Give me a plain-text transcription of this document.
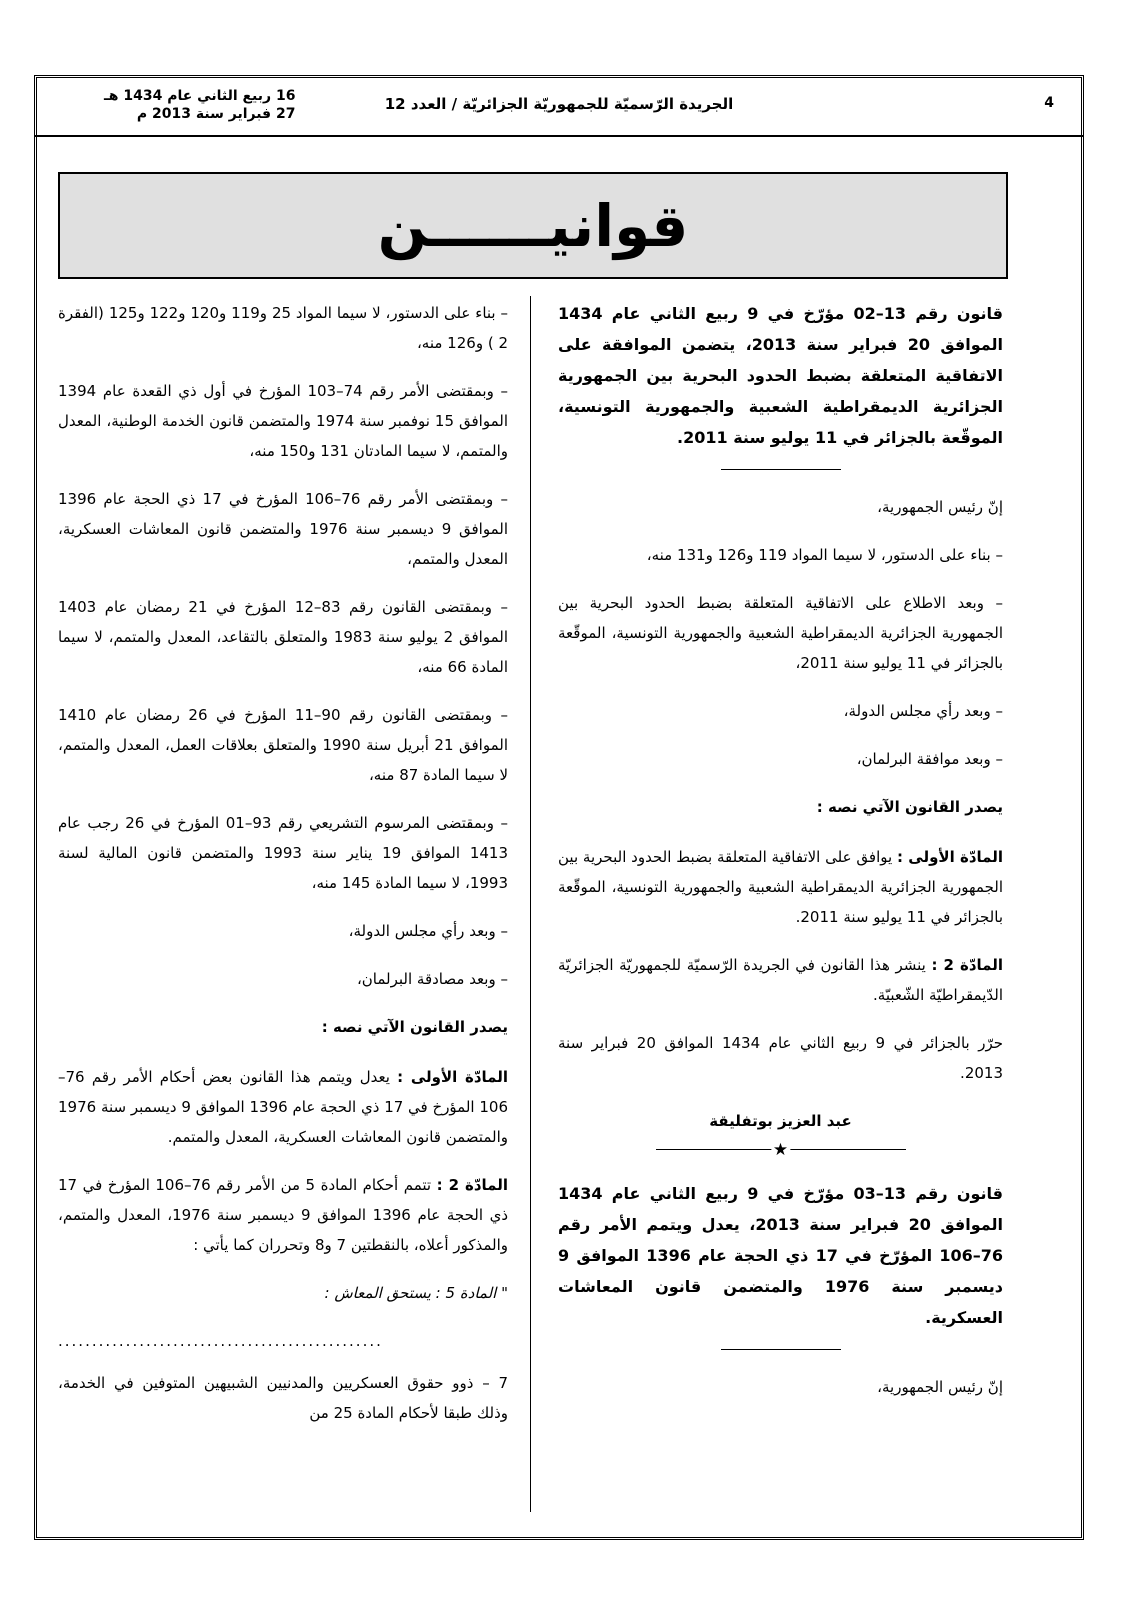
4
الجريدة الرّسميّة للجمهوريّة الجزائريّة / العدد 12
16 ربيع الثاني عام 1434 هـ
27 فبراير سنة 2013 م
قوانيــــــن

قانون رقم 13–02 مؤرّخ في 9 ربيع الثاني عام 1434 الموافق 20 فبراير سنة 2013، يتضمن الموافقة على الاتفاقية المتعلقة بضبط الحدود البحرية بين الجمهورية الجزائرية الديمقراطية الشعبية والجمهورية التونسية، الموقّعة بالجزائر في 11 يوليو سنة 2011.

إنّ رئيس الجمهورية،

– بناء على الدستور، لا سيما المواد 119 و126 و131 منه،

– وبعد الاطلاع على الاتفاقية المتعلقة بضبط الحدود البحرية بين الجمهورية الجزائرية الديمقراطية الشعبية والجمهورية التونسية، الموقّعة بالجزائر في 11 يوليو سنة 2011،

– وبعد رأي مجلس الدولة،

– وبعد موافقة البرلمان،

يصدر القانون الآتي نصه :

المادّة الأولى : يوافق على الاتفاقية المتعلقة بضبط الحدود البحرية بين الجمهورية الجزائرية الديمقراطية الشعبية والجمهورية التونسية، الموقّعة بالجزائر في 11 يوليو سنة 2011.

المادّة 2 : ينشر هذا القانون في الجريدة الرّسميّة للجمهوريّة الجزائريّة الدّيمقراطيّة الشّعبيّة.

حرّر بالجزائر في 9 ربيع الثاني عام 1434 الموافق 20 فبراير سنة 2013.

عبد العزيز بوتفليقة

★

قانون رقم 13–03 مؤرّخ في 9 ربيع الثاني عام 1434 الموافق 20 فبراير سنة 2013، يعدل ويتمم الأمر رقم 76–106 المؤرّخ في 17 ذي الحجة عام 1396 الموافق 9 ديسمبر سنة 1976 والمتضمن قانون المعاشات العسكرية.

إنّ رئيس الجمهورية،

– بناء على الدستور، لا سيما المواد 25 و119 و120 و122 و125 (الفقرة 2 ) و126 منه،

– وبمقتضى الأمر رقم 74–103 المؤرخ في أول ذي القعدة عام 1394 الموافق 15 نوفمبر سنة 1974 والمتضمن قانون الخدمة الوطنية، المعدل والمتمم، لا سيما المادتان 131 و150 منه،

– وبمقتضى الأمر رقم 76–106 المؤرخ في 17 ذي الحجة عام 1396 الموافق 9 ديسمبر سنة 1976 والمتضمن قانون المعاشات العسكرية، المعدل والمتمم،

– وبمقتضى القانون رقم 83–12 المؤرخ في 21 رمضان عام 1403 الموافق 2 يوليو سنة 1983 والمتعلق بالتقاعد، المعدل والمتمم، لا سيما المادة 66 منه،

– وبمقتضى القانون رقم 90–11 المؤرخ في 26 رمضان عام 1410 الموافق 21 أبريل سنة 1990 والمتعلق بعلاقات العمل، المعدل والمتمم، لا سيما المادة 87 منه،

– وبمقتضى المرسوم التشريعي رقم 93–01 المؤرخ في 26 رجب عام 1413 الموافق 19 يناير سنة 1993 والمتضمن قانون المالية لسنة 1993، لا سيما المادة 145 منه،

– وبعد رأي مجلس الدولة،

– وبعد مصادقة البرلمان،

يصدر القانون الآتي نصه :

المادّة الأولى : يعدل ويتمم هذا القانون بعض أحكام الأمر رقم 76–106 المؤرخ في 17 ذي الحجة عام 1396 الموافق 9 ديسمبر سنة 1976 والمتضمن قانون المعاشات العسكرية، المعدل والمتمم.

المادّة 2 : تتمم أحكام المادة 5 من الأمر رقم 76–106 المؤرخ في 17 ذي الحجة عام 1396 الموافق 9 ديسمبر سنة 1976، المعدل والمتمم، والمذكور أعلاه، بالنقطتين 7 و8 وتحرران كما يأتي :

" المادة 5 : يستحق المعاش :

................................................

7 – ذوو حقوق العسكريين والمدنيين الشبيهين المتوفين في الخدمة، وذلك طبقا لأحكام المادة 25 من
